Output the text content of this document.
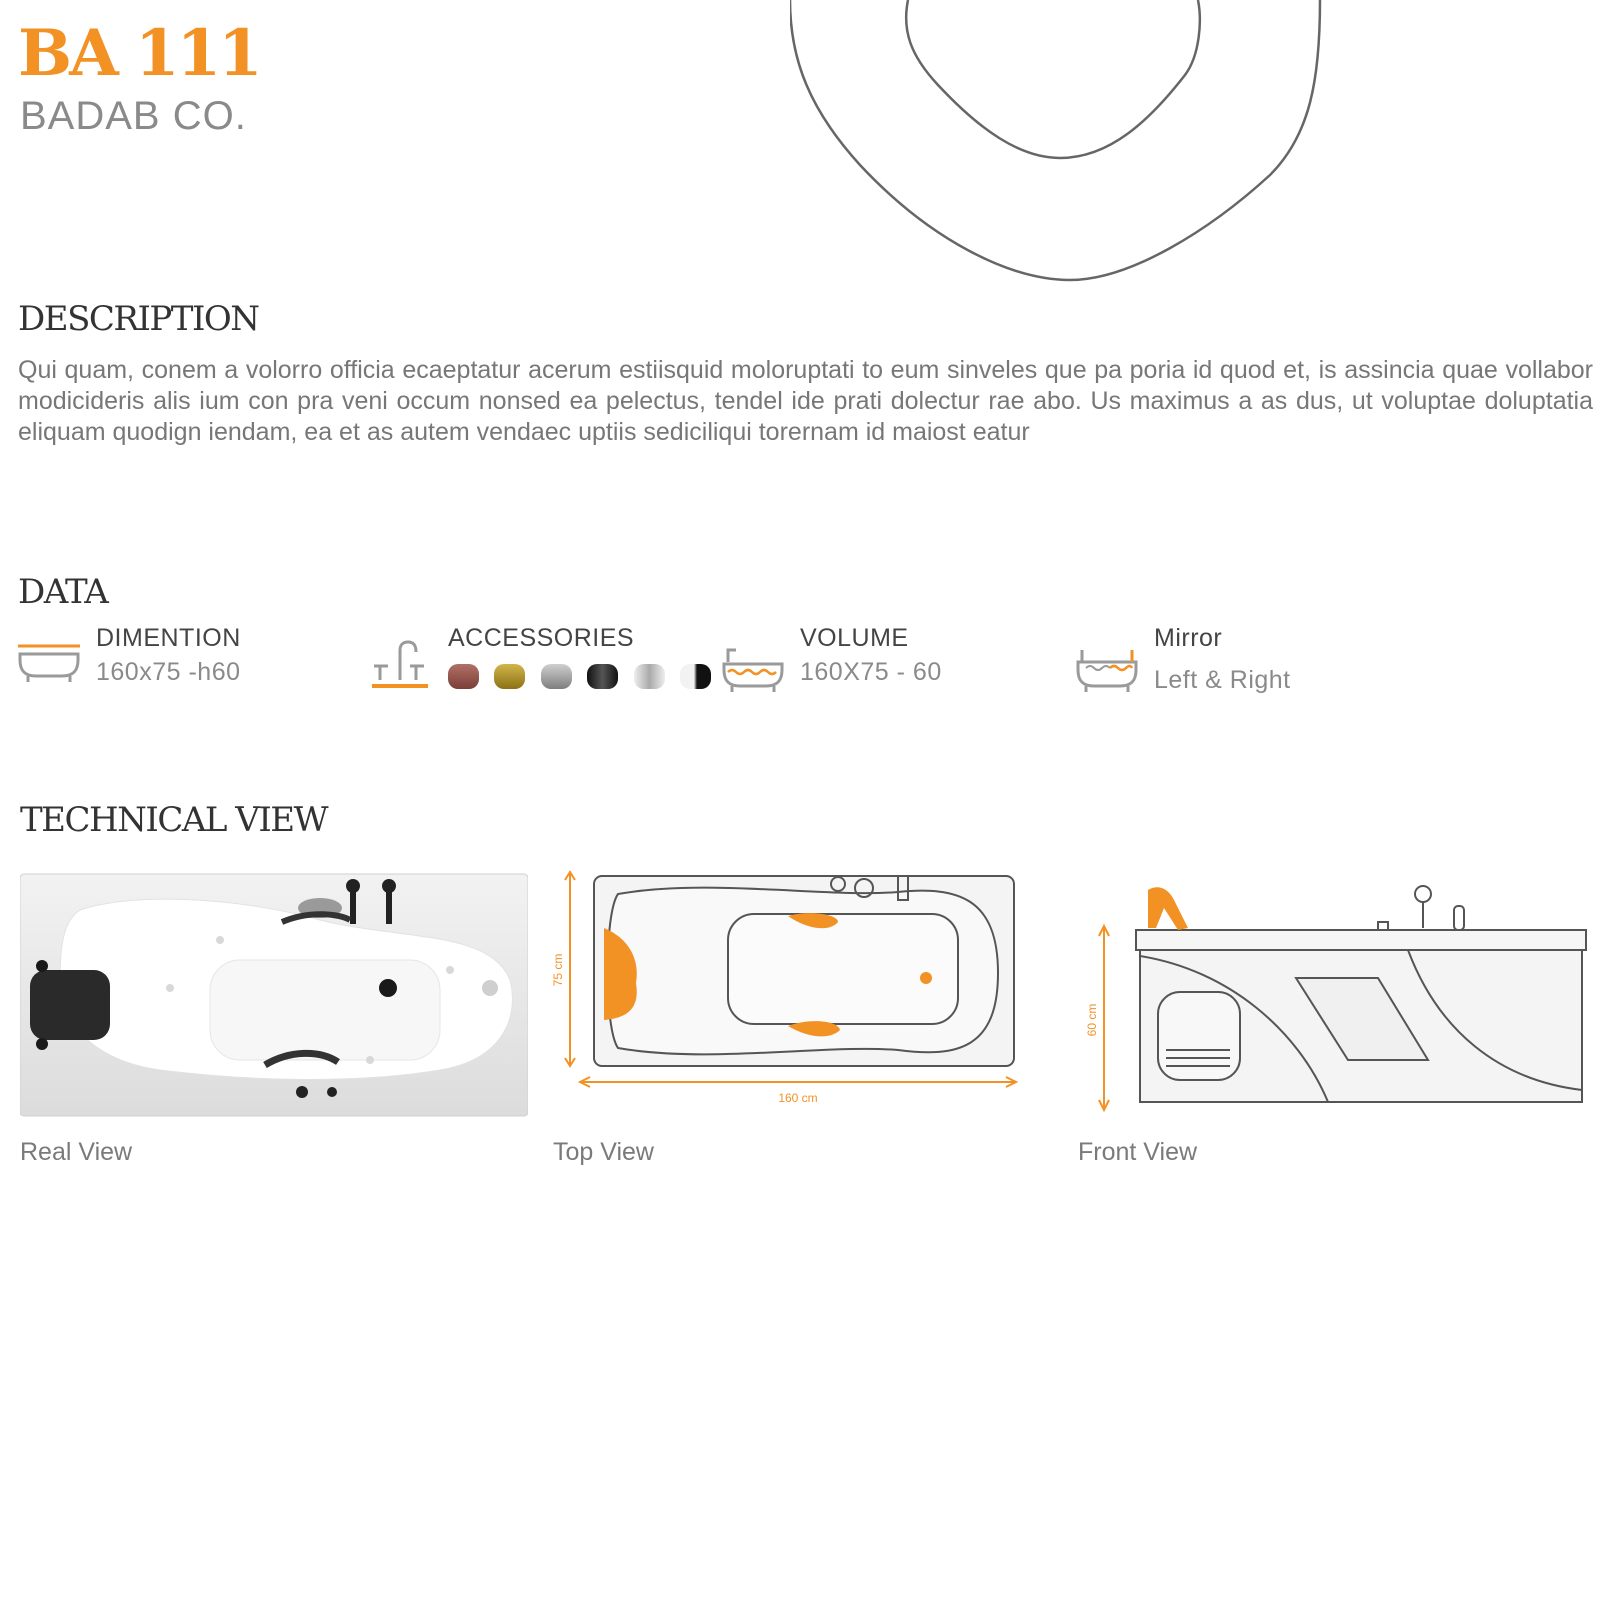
BA 111
BADAB CO.
DESCRIPTION
Qui quam, conem a volorro officia ecaeptatur acerum estiisquid moloruptati to eum sinveles que pa poria id quod et, is assincia quae vollabor modicideris alis ium con pra veni occum nonsed ea pelectus, tendel ide prati dolectur rae abo. Us maximus a as dus, ut voluptae doluptatia eliquam quodign iendam, ea et as autem vendaec uptiis sediciliqui torernam id maiost eatur
DATA
DIMENTION
160x75 -h60
ACCESSORIES
	VOLUME
160X75 - 60
Mirror
Left & Right
TECHNICAL VIEW
Real View
75 cm
160 cm
Top View
60 cm
Front View
